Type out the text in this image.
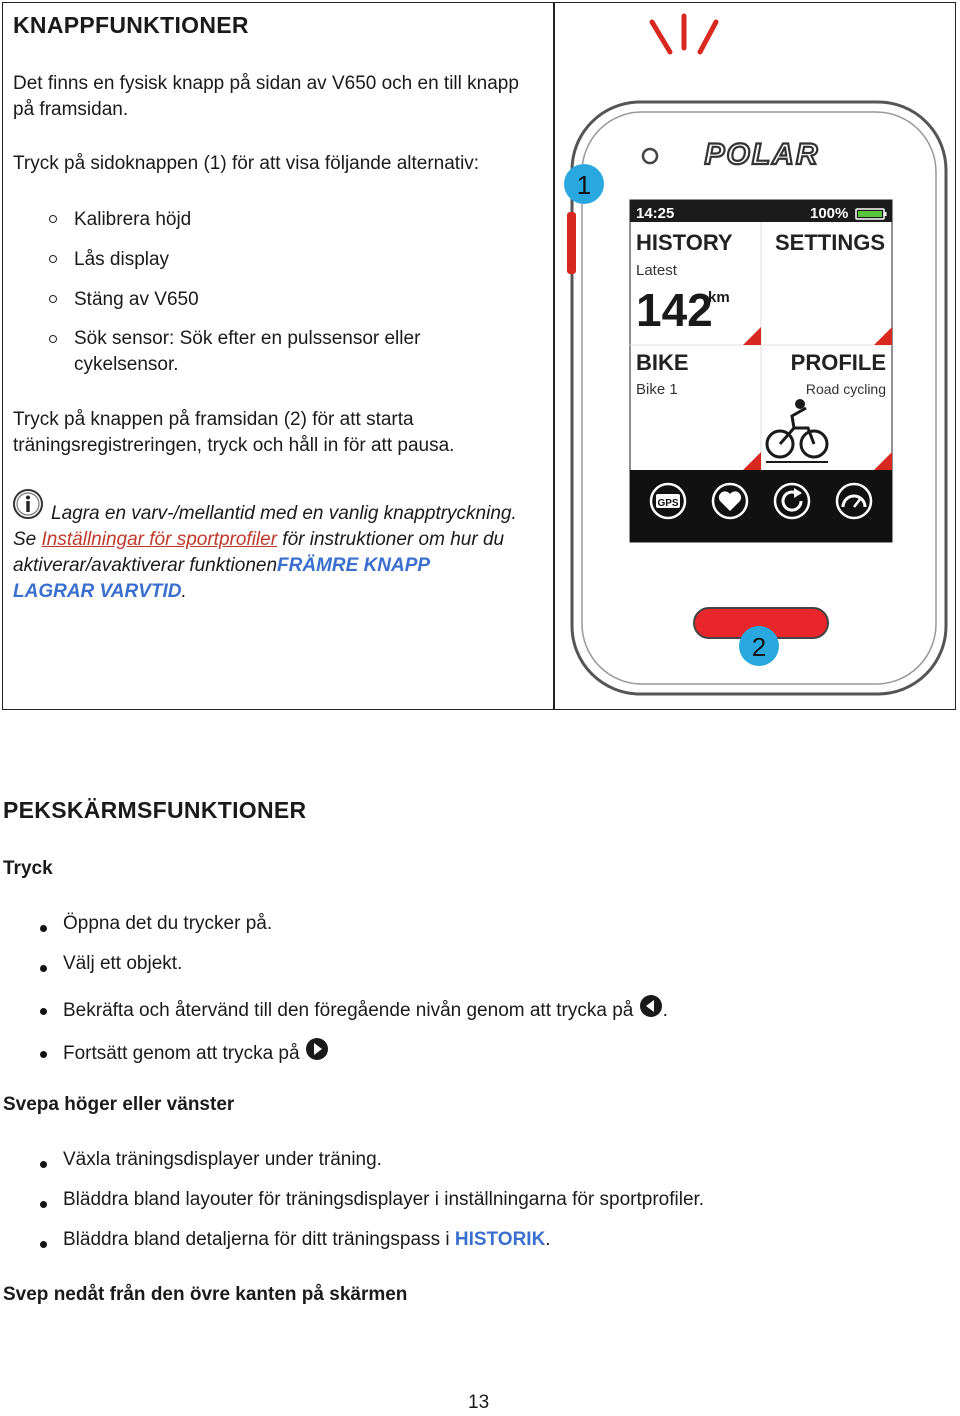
KNAPPFUNKTIONER
Det finns en fysisk knapp på sidan av V650 och en till knapp
på framsidan.
Tryck på sidoknappen (1) för att visa följande alternativ:
Kalibrera höjd
Lås display
Stäng av V650
Sök sensor: Sök efter en pulssensor eller
cykelsensor.
Tryck på knappen på framsidan (2) för att starta
träningsregistreringen, tryck och håll in för att pausa.
Lagra en varv-/mellantid med en vanlig knapptryckning.
Se Inställningar för sportprofiler för instruktioner om hur du
aktiverar/avaktiverar funktionenFRÄMRE KNAPP
LAGRAR VARVTID.
POLAR
14:25	100%
HISTORY
Latest
142
km
SETTINGS
BIKE
Bike 1
PROFILE
Road cycling
GPS
1
2
PEKSKÄRMSFUNKTIONER
Tryck
Öppna det du trycker på.
Välj ett objekt.
Bekräfta och återvänd till den föregående nivån genom att trycka på .
Fortsätt genom att trycka på
Svepa höger eller vänster
Växla träningsdisplayer under träning.
Bläddra bland layouter för träningsdisplayer i inställningarna för sportprofiler.
Bläddra bland detaljerna för ditt träningspass i HISTORIK.
Svep nedåt från den övre kanten på skärmen
13
